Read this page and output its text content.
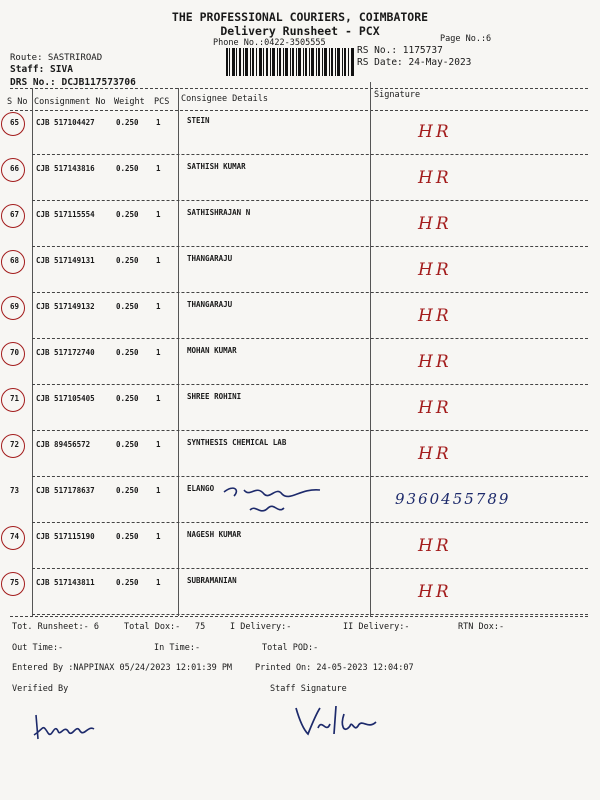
THE PROFESSIONAL COURIERS, COIMBATORE
Delivery Runsheet - PCX
Phone No.:0422-3505555	Page No.:6
Route: SASTRIROAD
Staff: SIVA
DRS No.: DCJB117573706
RS No.: 1175737
RS Date: 24-May-2023
S No Consignment No Weight PCS Consignee Details	Signature
65 CJB 517104427	0.250 1	STEIN
HR
66 CJB 517143816	0.250 1	SATHISH KUMAR
HR
67 CJB 517115554	0.250 1	SATHISHRAJAN N
HR
68 CJB 517149131	0.250 1	THANGARAJU
HR
69 CJB 517149132	0.250 1	THANGARAJU
HR
70 CJB 517172740	0.250 1	MOHAN KUMAR
HR
71 CJB 517105405	0.250 1	SHREE ROHINI
HR
72 CJB 89456572	0.250 1	SYNTHESIS CHEMICAL LAB
HR
73 CJB 517178637	0.250 1	ELANGO
9360455789
74 CJB 517115190	0.250 1	NAGESH KUMAR
HR
75 CJB 517143811	0.250 1	SUBRAMANIAN
HR
Tot. Runsheet:- 6	Total Dox:- 75	I Delivery:-	II Delivery:-	RTN Dox:-
Out Time:-	In Time:-	Total POD:-
Entered By :NAPPINAX 05/24/2023 12:01:39 PM	Printed On: 24-05-2023 12:04:07
Verified By	Staff Signature
